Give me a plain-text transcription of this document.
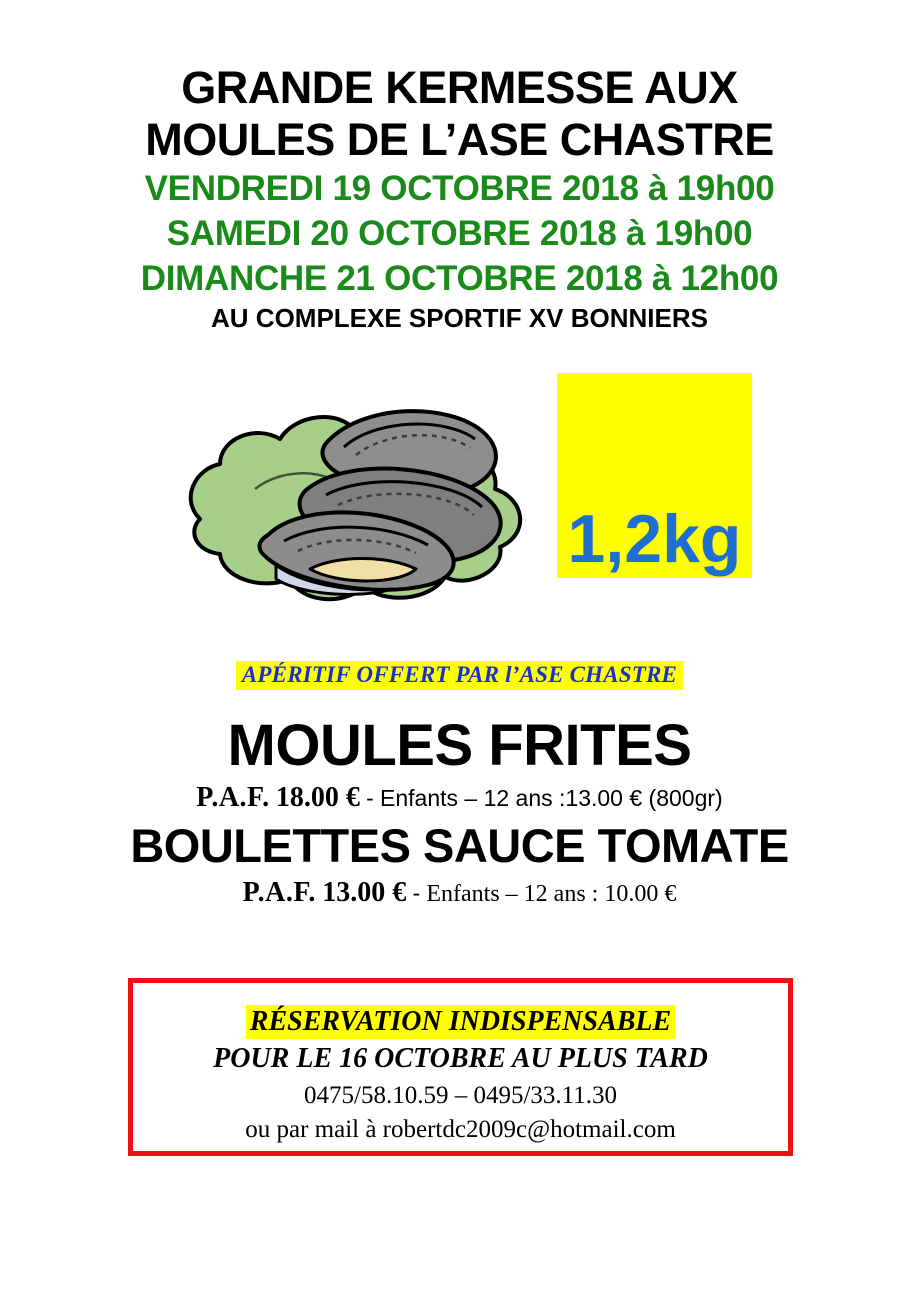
GRANDE KERMESSE AUX
MOULES DE L’ASE CHASTRE
VENDREDI 19 OCTOBRE 2018 à 19h00
SAMEDI 20 OCTOBRE 2018 à 19h00
DIMANCHE 21 OCTOBRE 2018 à 12h00
AU COMPLEXE SPORTIF XV BONNIERS
1,2kg
APÉRITIF OFFERT PAR l’ASE CHASTRE
MOULES FRITES
P.A.F. 18.00 € - Enfants – 12 ans :13.00 € (800gr)
BOULETTES SAUCE TOMATE
P.A.F. 13.00 € - Enfants – 12 ans : 10.00 €
RÉSERVATION INDISPENSABLE
POUR LE 16 OCTOBRE AU PLUS TARD
0475/58.10.59 – 0495/33.11.30
ou par mail à robertdc2009c@hotmail.com
